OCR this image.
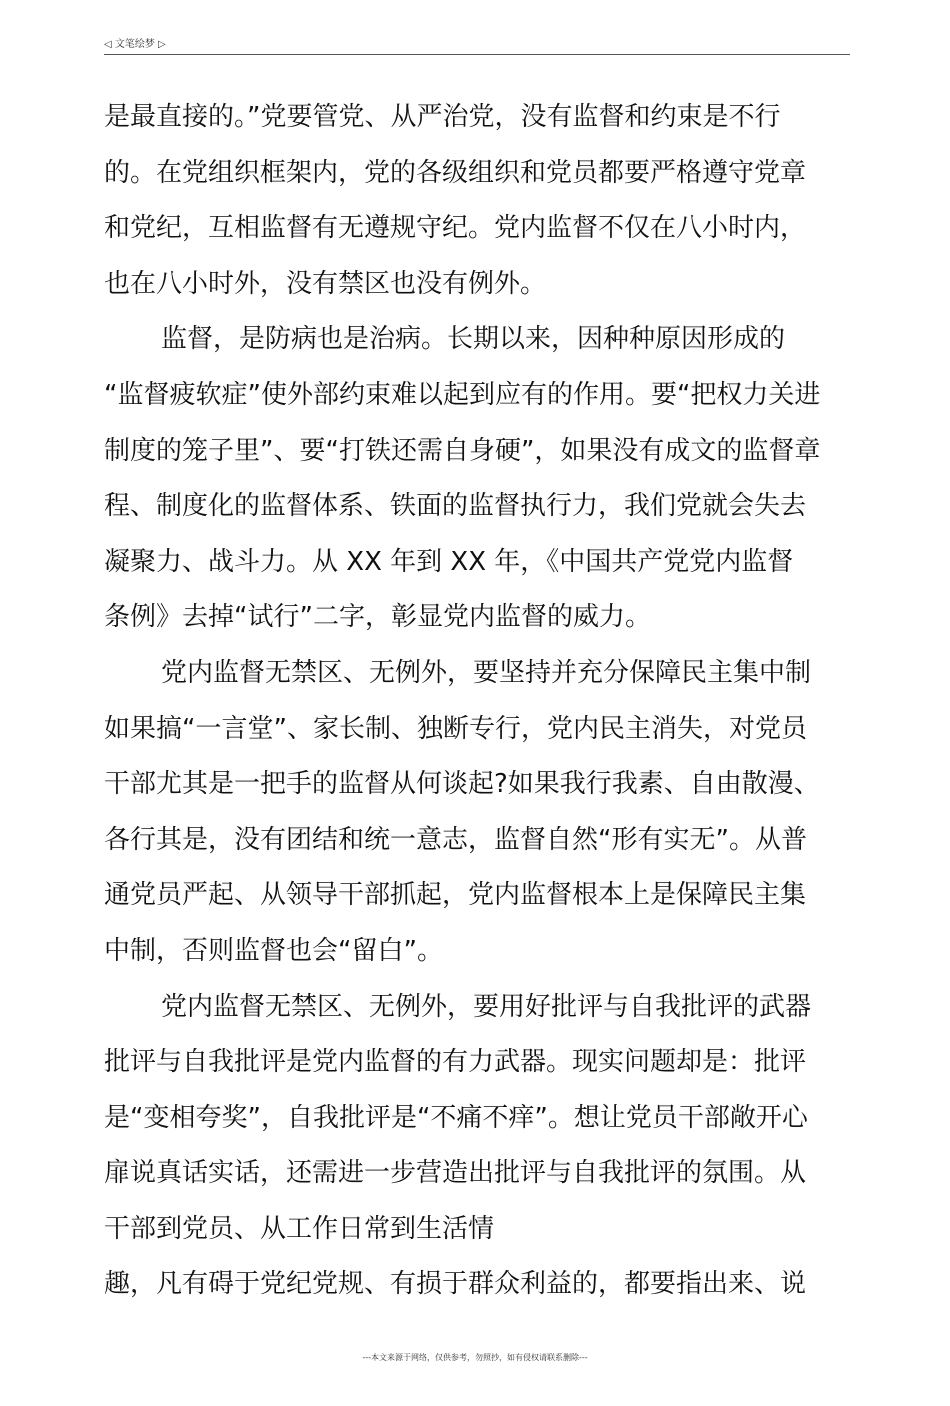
◁ 文笔绘梦 ▷
是最直接的。”党要管党、从严治党，没有监督和约束是不行
的。在党组织框架内，党的各级组织和党员都要严格遵守党章
和党纪，互相监督有无遵规守纪。党内监督不仅在八小时内，
也在八小时外，没有禁区也没有例外。
监督，是防病也是治病。长期以来，因种种原因形成的
“监督疲软症”使外部约束难以起到应有的作用。要“把权力关进
制度的笼子里”、要“打铁还需自身硬”，如果没有成文的监督章
程、制度化的监督体系、铁面的监督执行力，我们党就会失去
凝聚力、战斗力。从 XX 年到 XX 年，《中国共产党党内监督
条例》去掉“试行”二字，彰显党内监督的威力。
党内监督无禁区、无例外，要坚持并充分保障民主集中制
如果搞“一言堂”、家长制、独断专行，党内民主消失，对党员
干部尤其是一把手的监督从何谈起?如果我行我素、自由散漫、
各行其是，没有团结和统一意志，监督自然“形有实无”。从普
通党员严起、从领导干部抓起，党内监督根本上是保障民主集
中制，否则监督也会“留白”。
党内监督无禁区、无例外，要用好批评与自我批评的武器
批评与自我批评是党内监督的有力武器。现实问题却是：批评
是“变相夸奖”，自我批评是“不痛不痒”。想让党员干部敞开心
扉说真话实话，还需进一步营造出批评与自我批评的氛围。从
干部到党员、从工作日常到生活情
趣，凡有碍于党纪党规、有损于群众利益的，都要指出来、说
---本文来源于网络，仅供参考，勿照抄，如有侵权请联系删除---
